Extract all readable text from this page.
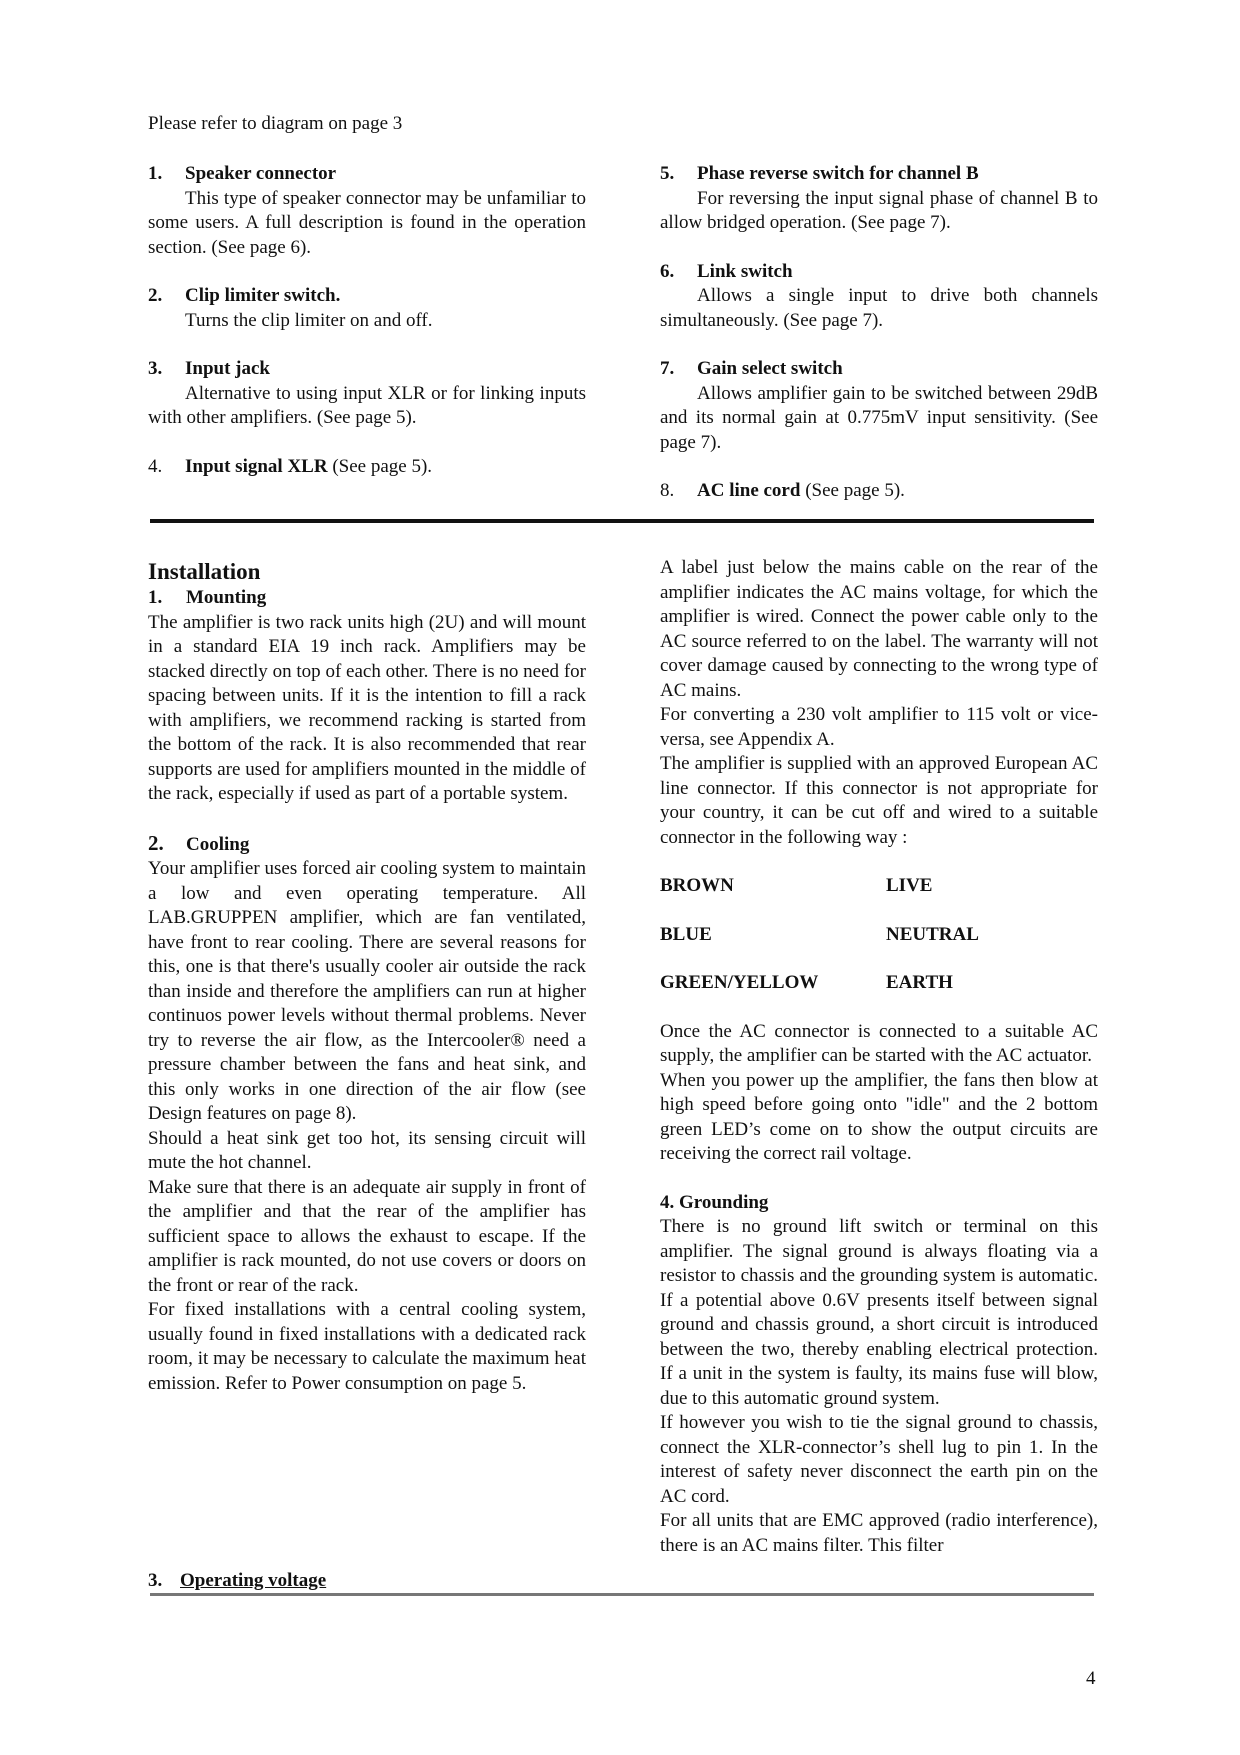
Please refer to diagram on page 3

1. Speaker connector

This type of speaker connector may be unfamiliar to some users. A full description is found in the operation section. (See page 6).

2. Clip limiter switch.

Turns the clip limiter on and off.

3. Input jack

Alternative to using input XLR or for linking inputs with other amplifiers. (See page 5).

4. Input signal XLR (See page 5).

5. Phase reverse switch for channel B

For reversing the input signal phase of channel B to allow bridged operation. (See page 7).

6. Link switch

Allows a single input to drive both channels simultaneously. (See page 7).

7. Gain select switch

Allows amplifier gain to be switched between 29dB and its normal gain at 0.775mV input sensitivity. (See page 7).

8. AC line cord (See page 5).

Installation

1. Mounting

The amplifier is two rack units high (2U) and will mount in a standard EIA 19 inch rack. Amplifiers may be stacked directly on top of each other. There is no need for spacing between units. If it is the intention to fill a rack with amplifiers, we recommend racking is started from the bottom of the rack. It is also recommended that rear supports are used for amplifiers mounted in the middle of the rack, especially if used as part of a portable system.

2. Cooling

Your amplifier uses forced air cooling system to maintain a low and even operating temperature. All LAB.GRUPPEN amplifier, which are fan ventilated, have front to rear cooling. There are several reasons for this, one is that there's usually cooler air outside the rack than inside and therefore the amplifiers can run at higher continuos power levels without thermal problems. Never try to reverse the air flow, as the Intercooler® need a pressure chamber between the fans and heat sink, and this only works in one direction of the air flow (see Design features on page 8).

Should a heat sink get too hot, its sensing circuit will mute the hot channel.

Make sure that there is an adequate air supply in front of the amplifier and that the rear of the amplifier has sufficient space to allows the exhaust to escape. If the amplifier is rack mounted, do not use covers or doors on the front or rear of the rack.

For fixed installations with a central cooling system, usually found in fixed installations with a dedicated rack room, it may be necessary to calculate the maximum heat emission. Refer to Power consumption on page 5.

3. Operating voltage

A label just below the mains cable on the rear of the amplifier indicates the AC mains voltage, for which the amplifier is wired. Connect the power cable only to the AC source referred to on the label. The warranty will not cover damage caused by connecting to the wrong type of AC mains.

For converting a 230 volt amplifier to 115 volt or vice-versa, see Appendix A.

The amplifier is supplied with an approved European AC line connector. If this connector is not appropriate for your country, it can be cut off and wired to a suitable connector in the following way :

BROWN	LIVE
BLUE	NEUTRAL
GREEN/YELLOW	EARTH

Once the AC connector is connected to a suitable AC supply, the amplifier can be started with the AC actuator.

When you power up the amplifier, the fans then blow at high speed before going onto "idle" and the 2 bottom green LED’s come on to show the output circuits are receiving the correct rail voltage.

4. Grounding

There is no ground lift switch or terminal on this amplifier. The signal ground is always floating via a resistor to chassis and the grounding system is automatic. If a potential above 0.6V presents itself between signal ground and chassis ground, a short circuit is introduced between the two, thereby enabling electrical protection. If a unit in the system is faulty, its mains fuse will blow, due to this automatic ground system.

If however you wish to tie the signal ground to chassis, connect the XLR-connector’s shell lug to pin 1. In the interest of safety never disconnect the earth pin on the AC cord.

For all units that are EMC approved (radio interference), there is an AC mains filter. This filter

4
